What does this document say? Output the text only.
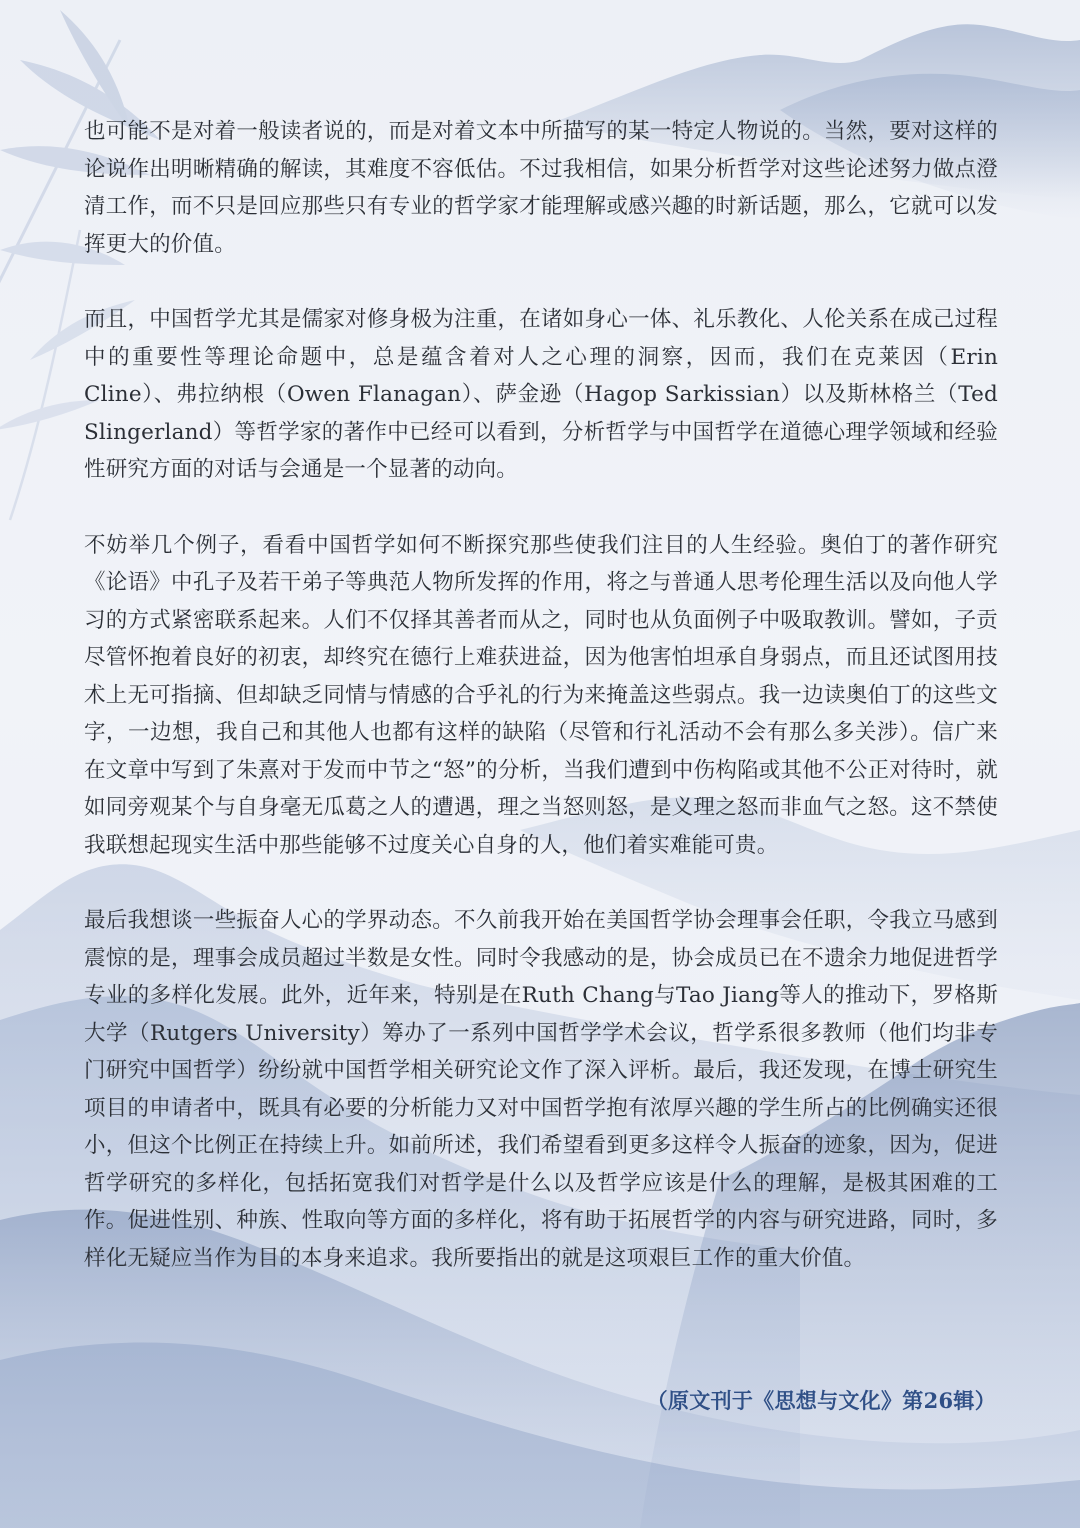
也可能不是对着一般读者说的，而是对着文本中所描写的某一特定人物说的。当然，要对这样的论说作出明晰精确的解读，其难度不容低估。不过我相信，如果分析哲学对这些论述努力做点澄清工作，而不只是回应那些只有专业的哲学家才能理解或感兴趣的时新话题，那么，它就可以发挥更大的价值。

而且，中国哲学尤其是儒家对修身极为注重，在诸如身心一体、礼乐教化、人伦关系在成己过程中的重要性等理论命题中，总是蕴含着对人之心理的洞察，因而，我们在克莱因（Erin Cline）、弗拉纳根（Owen Flanagan）、萨金逊（Hagop Sarkissian）以及斯林格兰（Ted Slingerland）等哲学家的著作中已经可以看到，分析哲学与中国哲学在道德心理学领域和经验性研究方面的对话与会通是一个显著的动向。

不妨举几个例子，看看中国哲学如何不断探究那些使我们注目的人生经验。奥伯丁的著作研究《论语》中孔子及若干弟子等典范人物所发挥的作用，将之与普通人思考伦理生活以及向他人学习的方式紧密联系起来。人们不仅择其善者而从之，同时也从负面例子中吸取教训。譬如，子贡尽管怀抱着良好的初衷，却终究在德行上难获进益，因为他害怕坦承自身弱点，而且还试图用技术上无可指摘、但却缺乏同情与情感的合乎礼的行为来掩盖这些弱点。我一边读奥伯丁的这些文字，一边想，我自己和其他人也都有这样的缺陷（尽管和行礼活动不会有那么多关涉）。信广来在文章中写到了朱熹对于发而中节之“怒”的分析，当我们遭到中伤构陷或其他不公正对待时，就如同旁观某个与自身毫无瓜葛之人的遭遇，理之当怒则怒，是义理之怒而非血气之怒。这不禁使我联想起现实生活中那些能够不过度关心自身的人，他们着实难能可贵。

最后我想谈一些振奋人心的学界动态。不久前我开始在美国哲学协会理事会任职，令我立马感到震惊的是，理事会成员超过半数是女性。同时令我感动的是，协会成员已在不遗余力地促进哲学专业的多样化发展。此外，近年来，特别是在Ruth Chang与Tao Jiang等人的推动下，罗格斯大学（Rutgers University）筹办了一系列中国哲学学术会议，哲学系很多教师（他们均非专门研究中国哲学）纷纷就中国哲学相关研究论文作了深入评析。最后，我还发现，在博士研究生项目的申请者中，既具有必要的分析能力又对中国哲学抱有浓厚兴趣的学生所占的比例确实还很小，但这个比例正在持续上升。如前所述，我们希望看到更多这样令人振奋的迹象，因为，促进哲学研究的多样化，包括拓宽我们对哲学是什么以及哲学应该是什么的理解，是极其困难的工作。促进性别、种族、性取向等方面的多样化，将有助于拓展哲学的内容与研究进路，同时，多样化无疑应当作为目的本身来追求。我所要指出的就是这项艰巨工作的重大价值。

（原文刊于《思想与文化》第26辑）
